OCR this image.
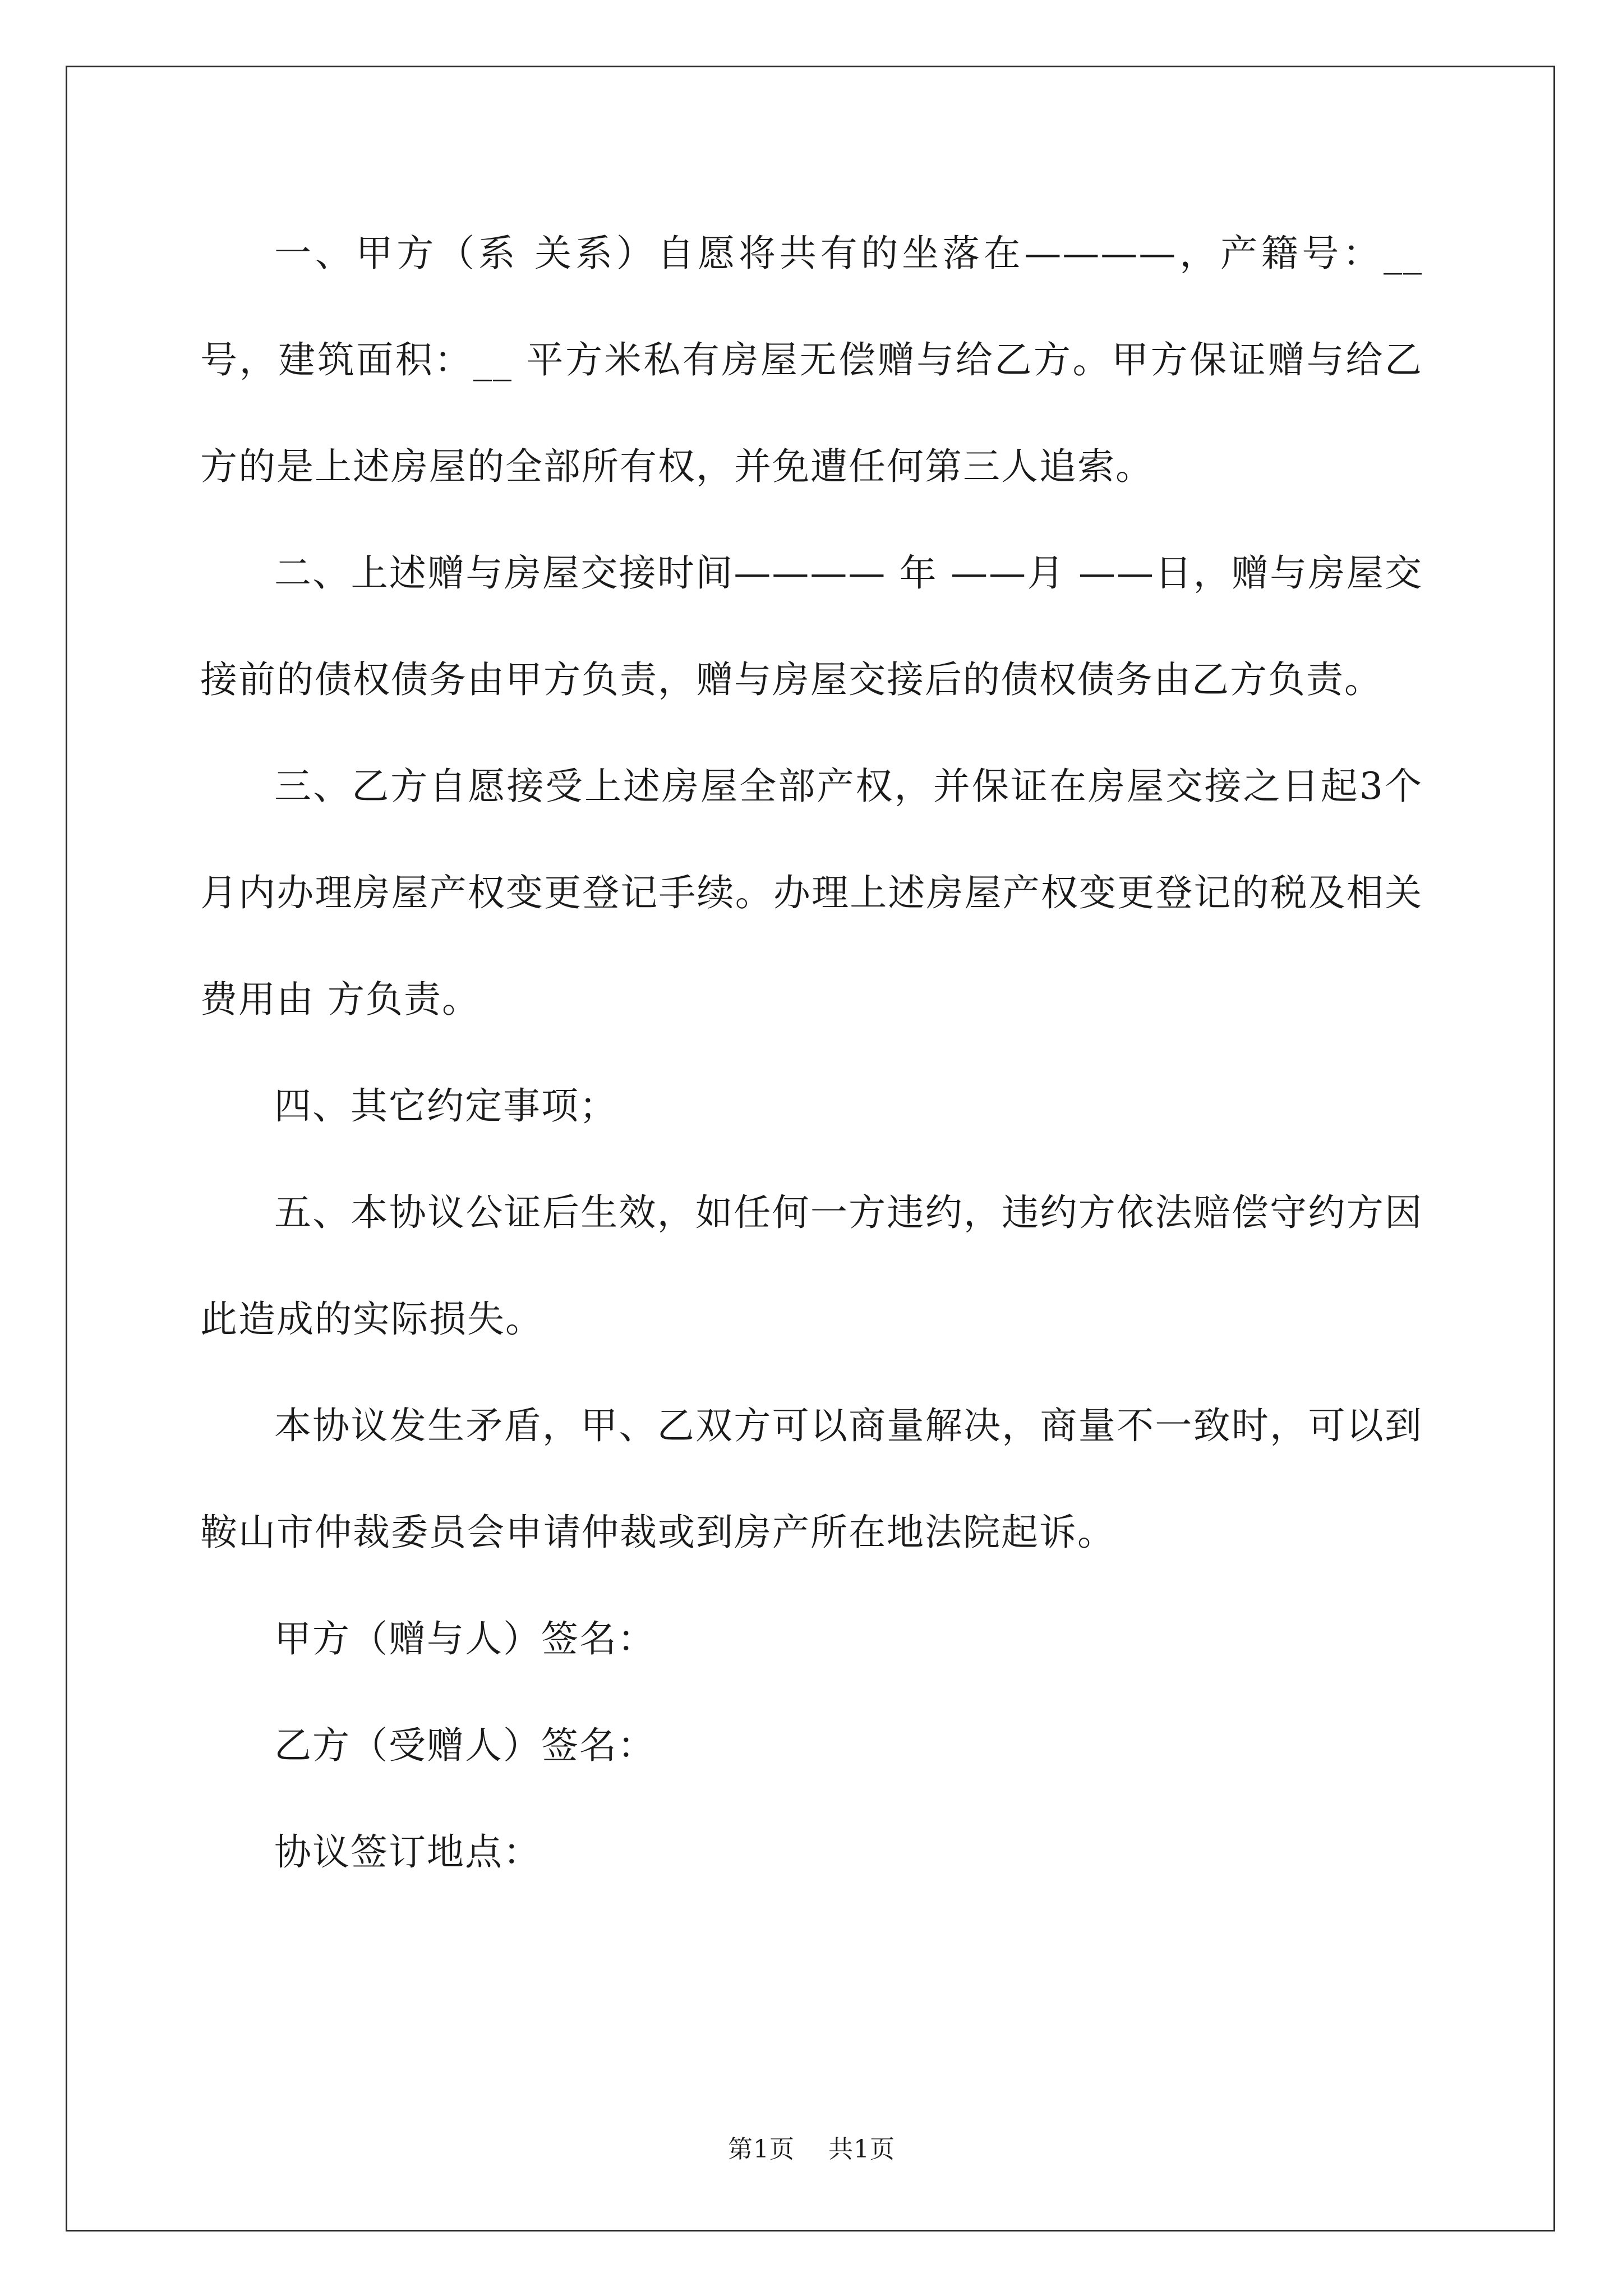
一、甲方（系 关系）自愿将共有的坐落在————，产籍号：__号，建筑面积：__ 平方米私有房屋无偿赠与给乙方。甲方保证赠与给乙方的是上述房屋的全部所有权，并免遭任何第三人追索。

二、上述赠与房屋交接时间———— 年 ——月 ——日，赠与房屋交接前的债权债务由甲方负责，赠与房屋交接后的债权债务由乙方负责。

三、乙方自愿接受上述房屋全部产权，并保证在房屋交接之日起3个月内办理房屋产权变更登记手续。办理上述房屋产权变更登记的税及相关费用由 方负责。

四、其它约定事项；

五、本协议公证后生效，如任何一方违约，违约方依法赔偿守约方因此造成的实际损失。

本协议发生矛盾，甲、乙双方可以商量解决，商量不一致时，可以到鞍山市仲裁委员会申请仲裁或到房产所在地法院起诉。

甲方（赠与人）签名：

乙方（受赠人）签名：

协议签订地点：

第1页 共1页
